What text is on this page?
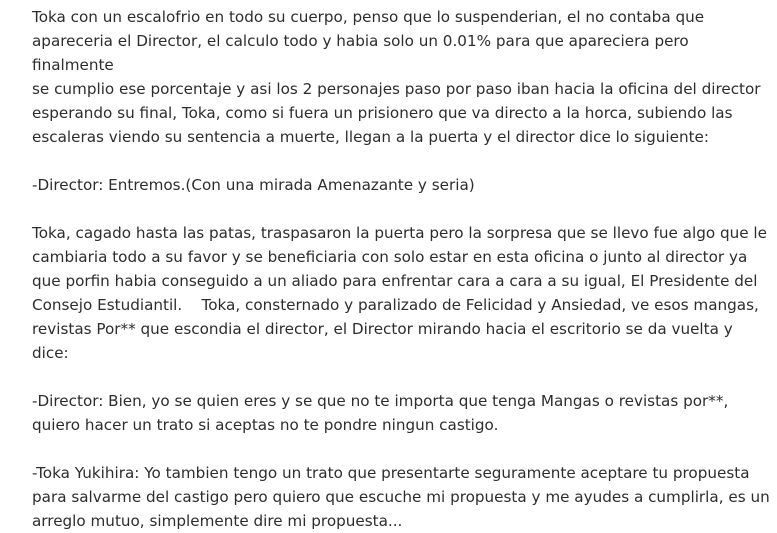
Toka con un escalofrio en todo su cuerpo, penso que lo suspenderian, el no contaba que

apareceria el Director, el calculo todo y habia solo un 0.01% para que apareciera pero finalmente

se cumplio ese porcentaje y asi los 2 personajes paso por paso iban hacia la oficina del director

esperando su final, Toka, como si fuera un prisionero que va directo a la horca, subiendo las

escaleras viendo su sentencia a muerte, llegan a la puerta y el director dice lo siguiente:

-Director: Entremos.(Con una mirada Amenazante y seria)

Toka, cagado hasta las patas, traspasaron la puerta pero la sorpresa que se llevo fue algo que le

cambiaria todo a su favor y se beneficiaria con solo estar en esta oficina o junto al director ya

que porfin habia conseguido a un aliado para enfrentar cara a cara a su igual, El Presidente del

Consejo Estudiantil.    Toka, consternado y paralizado de Felicidad y Ansiedad, ve esos mangas,

revistas Por** que escondia el director, el Director mirando hacia el escritorio se da vuelta y dice:

-Director: Bien, yo se quien eres y se que no te importa que tenga Mangas o revistas por**,

quiero hacer un trato si aceptas no te pondre ningun castigo.

-Toka Yukihira: Yo tambien tengo un trato que presentarte seguramente aceptare tu propuesta

para salvarme del castigo pero quiero que escuche mi propuesta y me ayudes a cumplirla, es un

arreglo mutuo, simplemente dire mi propuesta...
